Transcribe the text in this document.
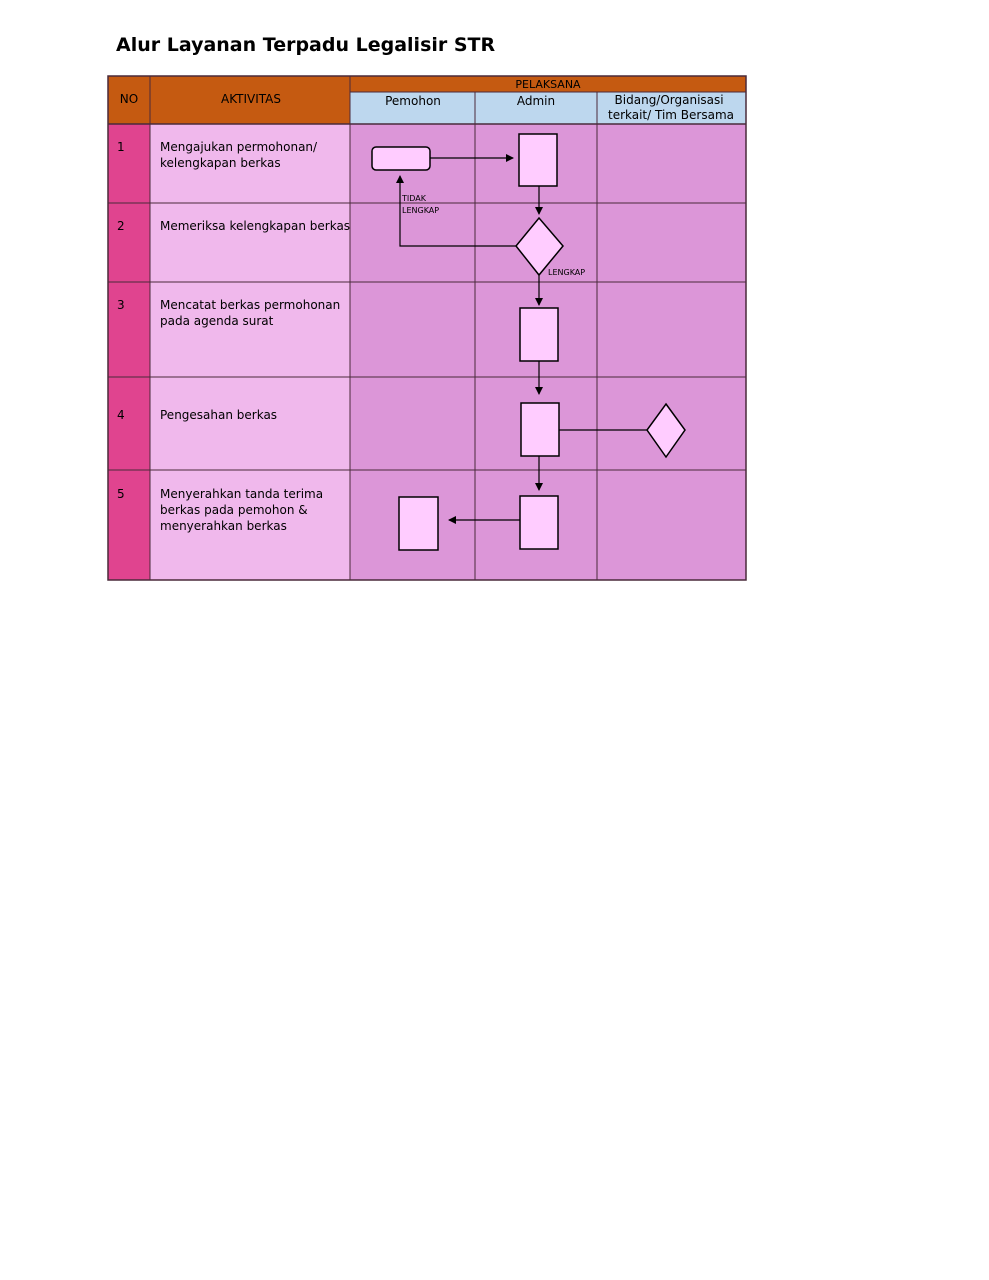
Alur Layanan Terpadu Legalisir STR
NO	AKTIVITAS
PELAKSANA
Pemohon	Admin	Bidang/Organisasi terkait/ Tim Bersama
1	Mengajukan permohonan/ kelengkapan berkas
2	Memeriksa kelengkapan berkas
3	Mencatat berkas permohonan pada agenda surat
4	Pengesahan berkas
5	Menyerahkan tanda terima berkas pada pemohon & menyerahkan berkas
TIDAK LENGKAP
LENGKAP
